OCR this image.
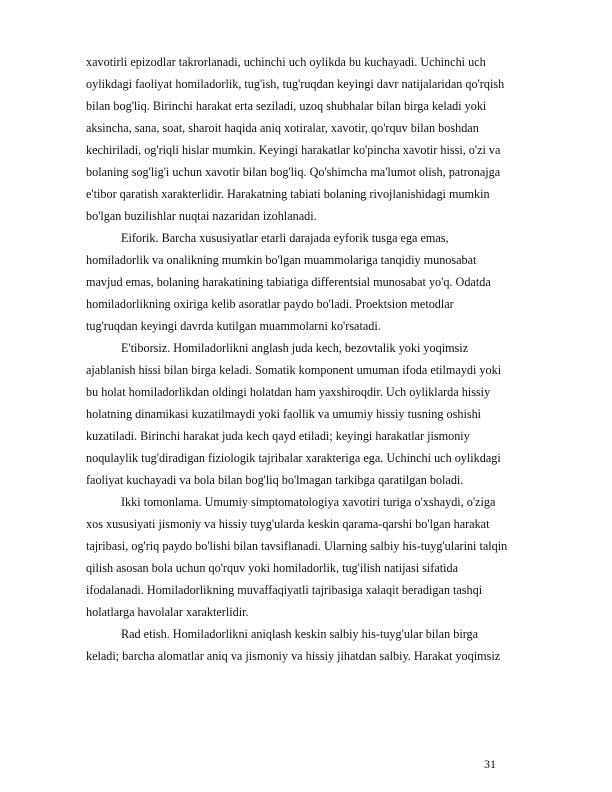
xavotirli epizodlar takrorlanadi, uchinchi uch oylikda bu kuchayadi. Uchinchi uch
oylikdagi faoliyat homiladorlik, tug'ish, tug'ruqdan keyingi davr natijalaridan qo'rqish
bilan bog'liq. Birinchi harakat erta seziladi, uzoq shubhalar bilan birga keladi yoki
aksincha, sana, soat, sharoit haqida aniq xotiralar, xavotir, qo'rquv bilan boshdan
kechiriladi, og'riqli hislar mumkin. Keyingi harakatlar ko'pincha xavotir hissi, o'zi va
bolaning sog'lig'i uchun xavotir bilan bog'liq. Qo'shimcha ma'lumot olish, patronajga
e'tibor qaratish xarakterlidir. Harakatning tabiati bolaning rivojlanishidagi mumkin
bo'lgan buzilishlar nuqtai nazaridan izohlanadi.
Eiforik. Barcha xususiyatlar etarli darajada eyforik tusga ega emas,
homiladorlik va onalikning mumkin bo'lgan muammolariga tanqidiy munosabat
mavjud emas, bolaning harakatining tabiatiga differentsial munosabat yo'q. Odatda
homiladorlikning oxiriga kelib asoratlar paydo bo'ladi. Proektsion metodlar
tug'ruqdan keyingi davrda kutilgan muammolarni ko'rsatadi.
E'tiborsiz. Homiladorlikni anglash juda kech, bezovtalik yoki yoqimsiz
ajablanish hissi bilan birga keladi. Somatik komponent umuman ifoda etilmaydi yoki
bu holat homiladorlikdan oldingi holatdan ham yaxshiroqdir. Uch oyliklarda hissiy
holatning dinamikasi kuzatilmaydi yoki faollik va umumiy hissiy tusning oshishi
kuzatiladi. Birinchi harakat juda kech qayd etiladi; keyingi harakatlar jismoniy
noqulaylik tug'diradigan fiziologik tajribalar xarakteriga ega. Uchinchi uch oylikdagi
faoliyat kuchayadi va bola bilan bog'liq bo'lmagan tarkibga qaratilgan boladi.
Ikki tomonlama. Umumiy simptomatologiya xavotiri turiga o'xshaydi, o'ziga
xos xususiyati jismoniy va hissiy tuyg'ularda keskin qarama-qarshi bo'lgan harakat
tajribasi, og'riq paydo bo'lishi bilan tavsiflanadi. Ularning salbiy his-tuyg'ularini talqin
qilish asosan bola uchun qo'rquv yoki homiladorlik, tug'ilish natijasi sifatida
ifodalanadi. Homiladorlikning muvaffaqiyatli tajribasiga xalaqit beradigan tashqi
holatlarga havolalar xarakterlidir.
Rad etish. Homiladorlikni aniqlash keskin salbiy his-tuyg'ular bilan birga
keladi; barcha alomatlar aniq va jismoniy va hissiy jihatdan salbiy. Harakat yoqimsiz
31
